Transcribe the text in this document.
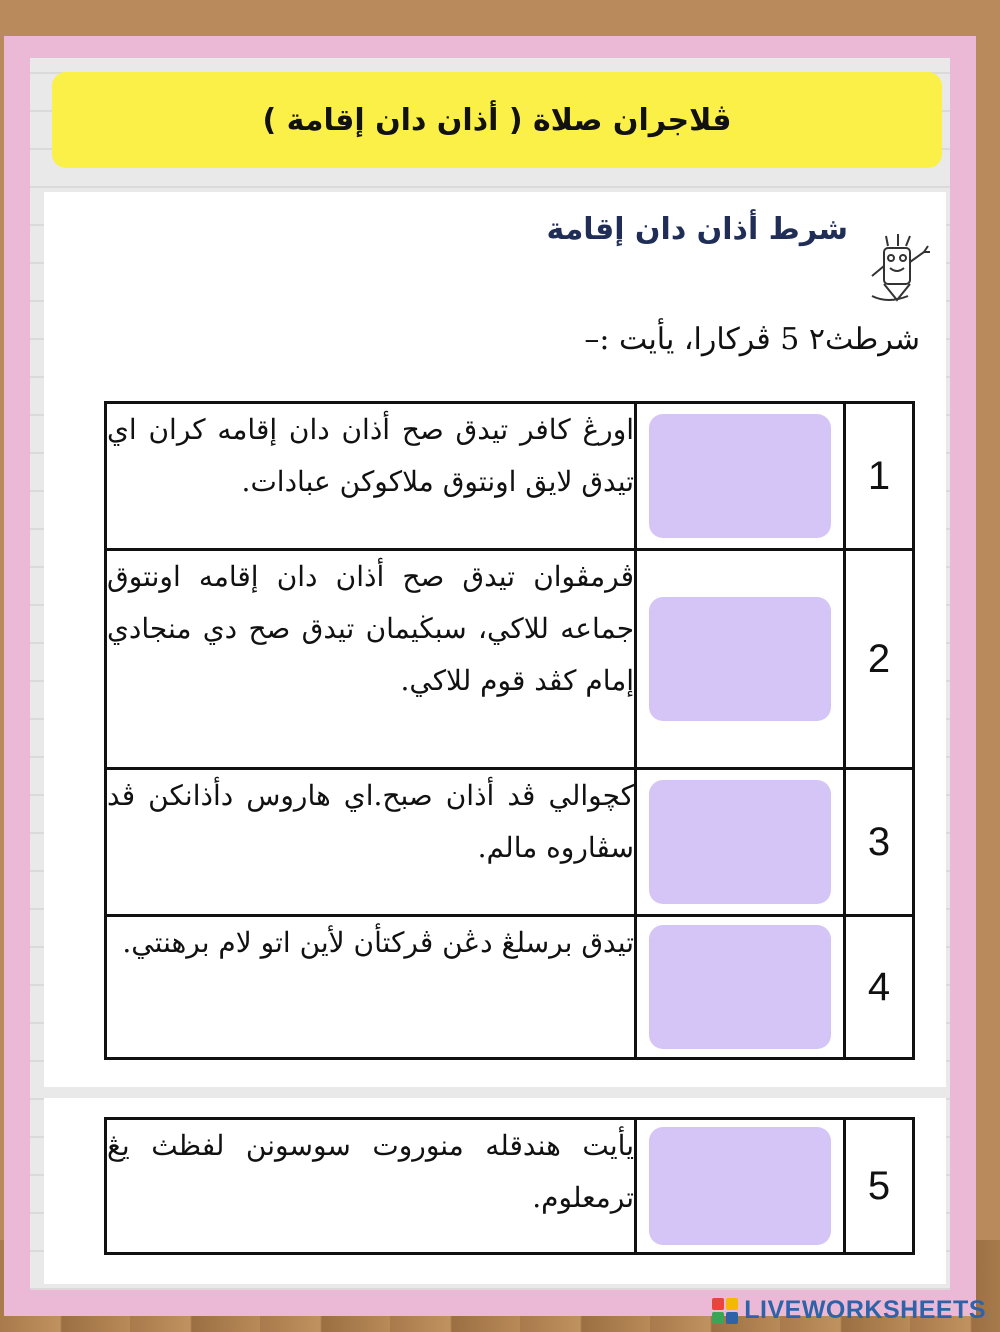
ڤلاجران صلاة ( أذان دان إقامة )
شرط أذان دان إقامة
شرطث٢ 5 ڤركارا، يأيت :–
اورڠ كافر تيدق صح أذان دان إقامه كران اي تيدق لايق اونتوق ملاكوكن عبادات.		1
ڤرمڤوان تيدق صح أذان دان إقامه اونتوق جماعه للاكي، سبڬيمان تيدق صح دي منجادي إمام كڤد قوم للاكي.		2
كچوالي ڤد أذان صبح.اي هاروس دأذانكن ڤد سڤاروه مالم.		3
تيدق برسلڠ دڠن ڤركتأن لأين اتو لام برهنتي.		4
يأيت هندقله منوروت سوسونن لفظث يڠ ترمعلوم.		5
LIVEWORKSHEETS
